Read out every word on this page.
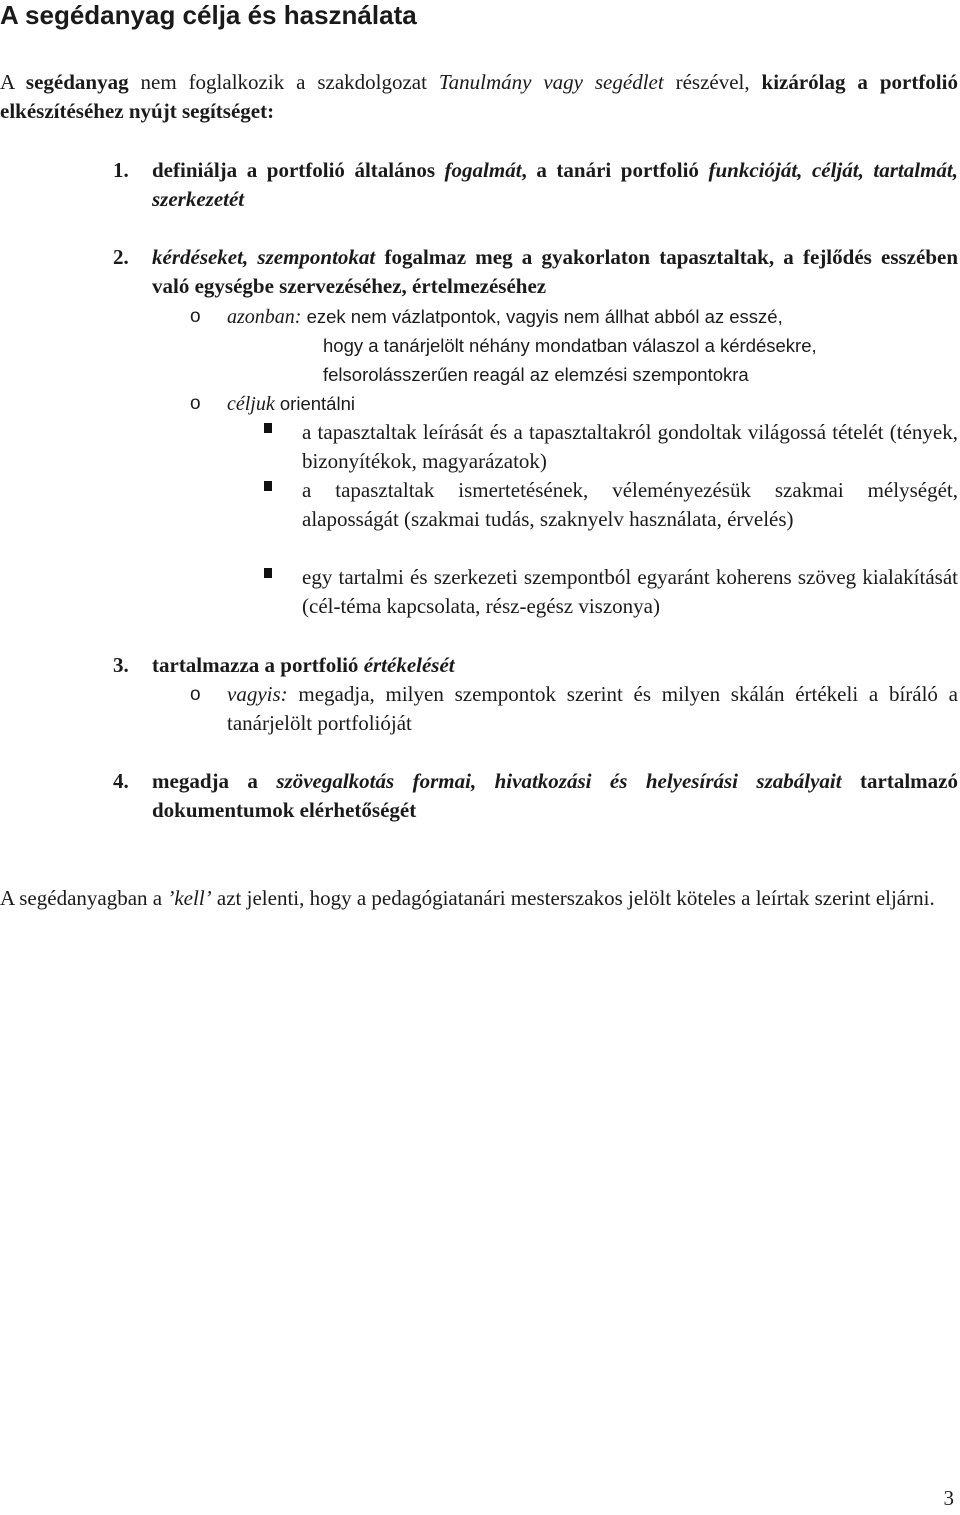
A segédanyag célja és használata

A segédanyag nem foglalkozik a szakdolgozat Tanulmány vagy segédlet részével, kizárólag a portfolió elkészítéséhez nyújt segítséget:

1. definiálja a portfolió általános fogalmát, a tanári portfolió funkcióját, célját, tartalmát, szerkezetét

2. kérdéseket, szempontokat fogalmaz meg a gyakorlaton tapasztaltak, a fejlődés esszében való egységbe szervezéséhez, értelmezéséhez

o azonban: ezek nem vázlatpontok, vagyis nem állhat abból az esszé,

hogy a tanárjelölt néhány mondatban válaszol a kérdésekre,

felsorolásszerűen reagál az elemzési szempontokra

o céljuk orientálni

a tapasztaltak leírását és a tapasztaltakról gondoltak világossá tételét (tények, bizonyítékok, magyarázatok)

a tapasztaltak ismertetésének, véleményezésük szakmai mélységét, alaposságát (szakmai tudás, szaknyelv használata, érvelés)

egy tartalmi és szerkezeti szempontból egyaránt koherens szöveg kialakítását (cél-téma kapcsolata, rész-egész viszonya)

3. tartalmazza a portfolió értékelését

o vagyis: megadja, milyen szempontok szerint és milyen skálán értékeli a bíráló a tanárjelölt portfolióját

4. megadja a szövegalkotás formai, hivatkozási és helyesírási szabályait tartalmazó dokumentumok elérhetőségét

A segédanyagban a ’kell’ azt jelenti, hogy a pedagógiatanári mesterszakos jelölt köteles a leírtak szerint eljárni.

3
